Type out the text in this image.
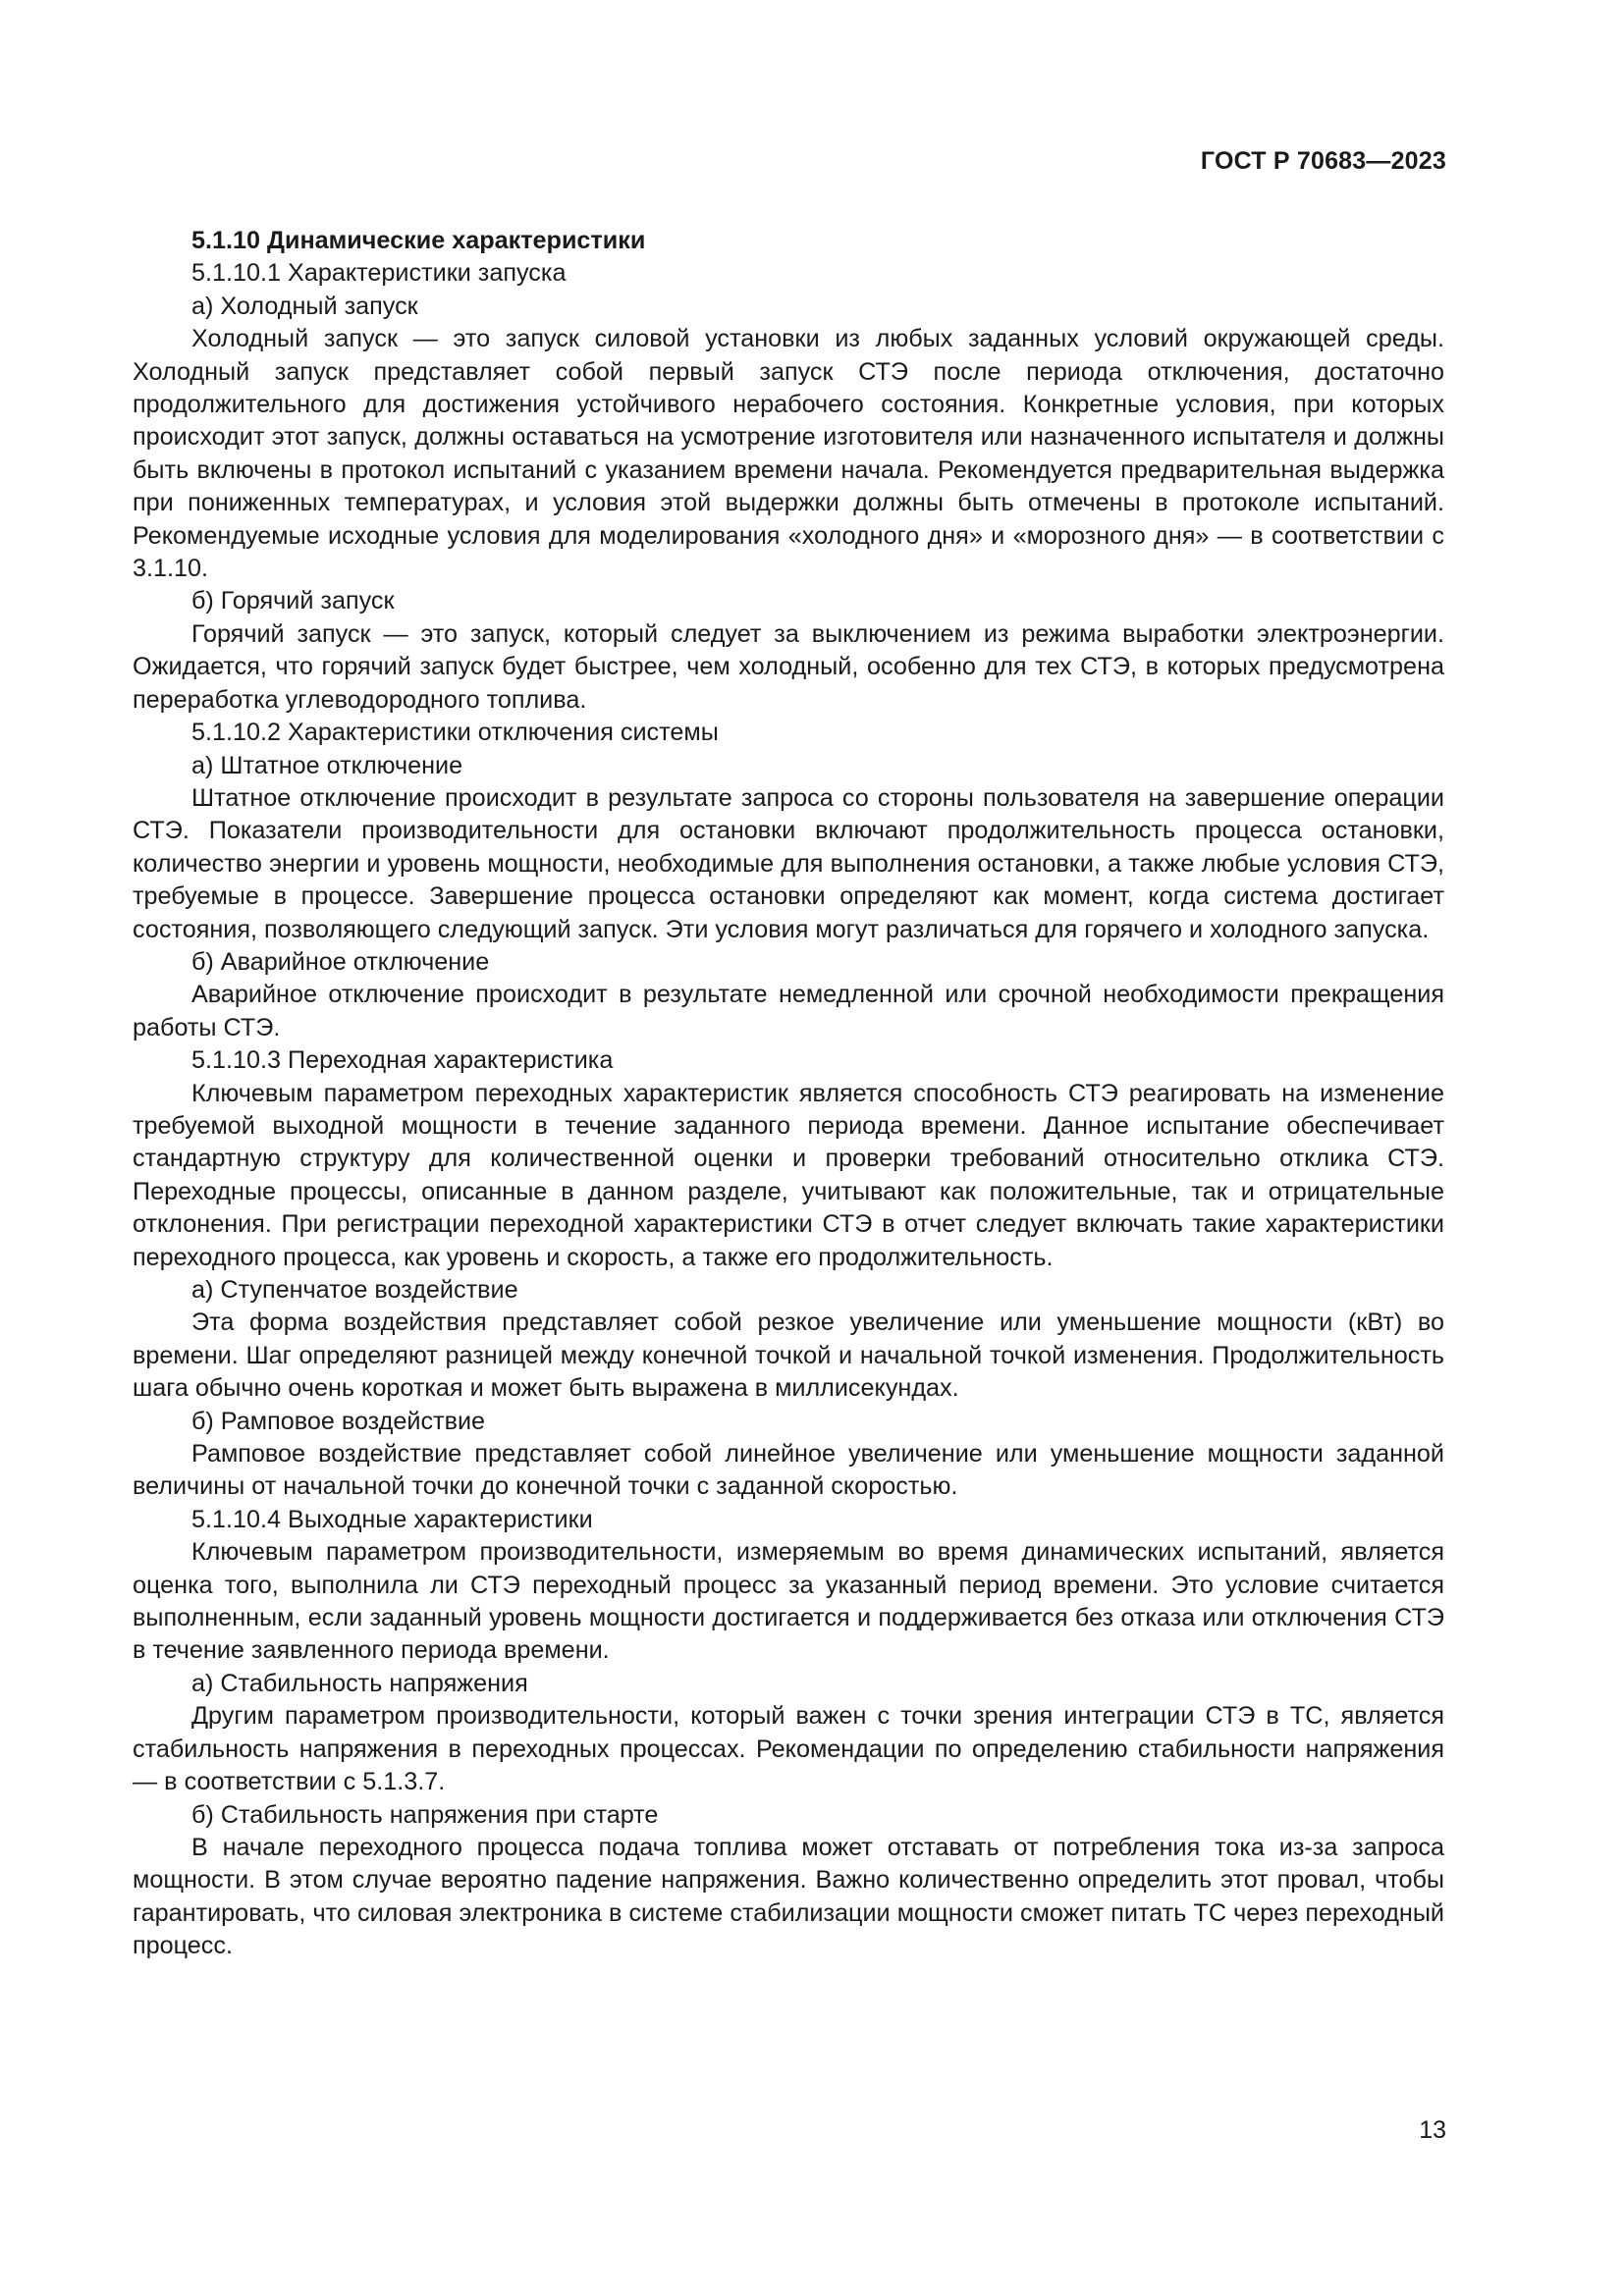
ГОСТ Р 70683—2023

5.1.10 Динамические характеристики

5.1.10.1 Характеристики запуска

а) Холодный запуск

Холодный запуск — это запуск силовой установки из любых заданных условий окружающей среды. Холодный запуск представляет собой первый запуск СТЭ после периода отключения, достаточно продолжительного для достижения устойчивого нерабочего состояния. Конкретные условия, при которых происходит этот запуск, должны оставаться на усмотрение изготовителя или назначенного испытателя и должны быть включены в протокол испытаний с указанием времени начала. Рекомендуется предварительная выдержка при пониженных температурах, и условия этой выдержки должны быть отмечены в протоколе испытаний. Рекомендуемые исходные условия для моделирования «холодного дня» и «морозного дня» — в соответствии с 3.1.10.

б) Горячий запуск

Горячий запуск — это запуск, который следует за выключением из режима выработки электроэнергии. Ожидается, что горячий запуск будет быстрее, чем холодный, особенно для тех СТЭ, в которых предусмотрена переработка углеводородного топлива.

5.1.10.2 Характеристики отключения системы

а) Штатное отключение

Штатное отключение происходит в результате запроса со стороны пользователя на завершение операции СТЭ. Показатели производительности для остановки включают продолжительность процесса остановки, количество энергии и уровень мощности, необходимые для выполнения остановки, а также любые условия СТЭ, требуемые в процессе. Завершение процесса остановки определяют как момент, когда система достигает состояния, позволяющего следующий запуск. Эти условия могут различаться для горячего и холодного запуска.

б) Аварийное отключение

Аварийное отключение происходит в результате немедленной или срочной необходимости прекращения работы СТЭ.

5.1.10.3 Переходная характеристика

Ключевым параметром переходных характеристик является способность СТЭ реагировать на изменение требуемой выходной мощности в течение заданного периода времени. Данное испытание обеспечивает стандартную структуру для количественной оценки и проверки требований относительно отклика СТЭ. Переходные процессы, описанные в данном разделе, учитывают как положительные, так и отрицательные отклонения. При регистрации переходной характеристики СТЭ в отчет следует включать такие характеристики переходного процесса, как уровень и скорость, а также его продолжительность.

а) Ступенчатое воздействие

Эта форма воздействия представляет собой резкое увеличение или уменьшение мощности (кВт) во времени. Шаг определяют разницей между конечной точкой и начальной точкой изменения. Продолжительность шага обычно очень короткая и может быть выражена в миллисекундах.

б) Рамповое воздействие

Рамповое воздействие представляет собой линейное увеличение или уменьшение мощности заданной величины от начальной точки до конечной точки с заданной скоростью.

5.1.10.4 Выходные характеристики

Ключевым параметром производительности, измеряемым во время динамических испытаний, является оценка того, выполнила ли СТЭ переходный процесс за указанный период времени. Это условие считается выполненным, если заданный уровень мощности достигается и поддерживается без отказа или отключения СТЭ в течение заявленного периода времени.

а) Стабильность напряжения

Другим параметром производительности, который важен с точки зрения интеграции СТЭ в ТС, является стабильность напряжения в переходных процессах. Рекомендации по определению стабильности напряжения — в соответствии с 5.1.3.7.

б) Стабильность напряжения при старте

В начале переходного процесса подача топлива может отставать от потребления тока из-за запроса мощности. В этом случае вероятно падение напряжения. Важно количественно определить этот провал, чтобы гарантировать, что силовая электроника в системе стабилизации мощности сможет питать ТС через переходный процесс.

13
